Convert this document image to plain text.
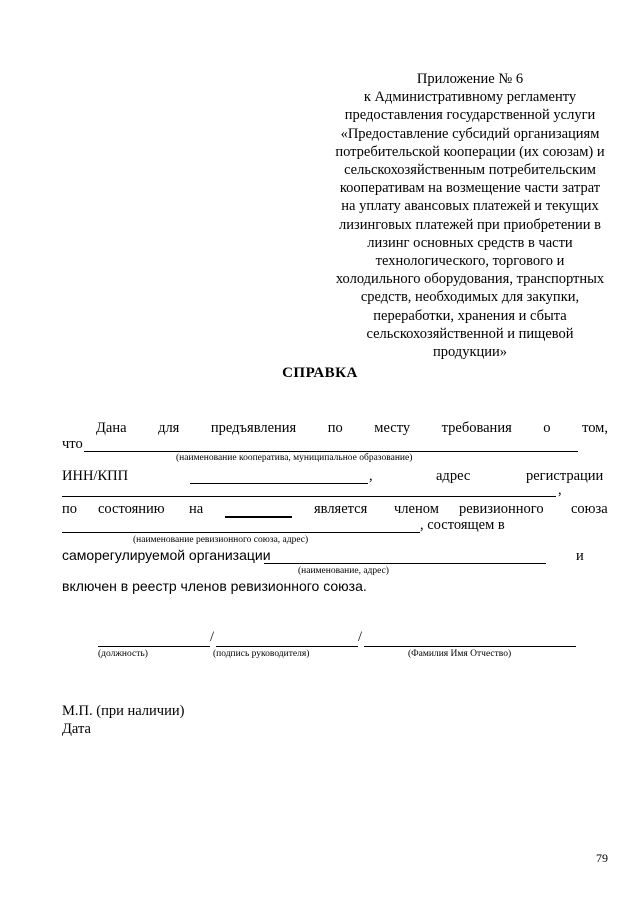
Приложение № 6
к Административному регламенту
предоставления государственной услуги
«Предоставление субсидий организациям
потребительской кооперации (их союзам) и
сельскохозяйственным потребительским
кооперативам на возмещение части затрат
на уплату авансовых платежей и текущих
лизинговых платежей при приобретении в
лизинг основных средств в части
технологического, торгового и
холодильного оборудования, транспортных
средств, необходимых для закупки,
переработки, хранения и сбыта
сельскохозяйственной и пищевой
продукции»
СПРАВКА
Дана для предъявления по месту требования о том,
что
(наименование кооператива, муниципальное образование)
ИНН/КПП	,	адрес	регистрации
,
по состоянию на	является членом ревизионного союза
, состоящем в
(наименование ревизионного союза, адрес)
саморегулируемой организации	и
(наименование, адрес)
включен в реестр членов ревизионного союза.
/	/
(должность)	(подпись руководителя)	(Фамилия Имя Отчество)
М.П. (при наличии)
Дата
79
